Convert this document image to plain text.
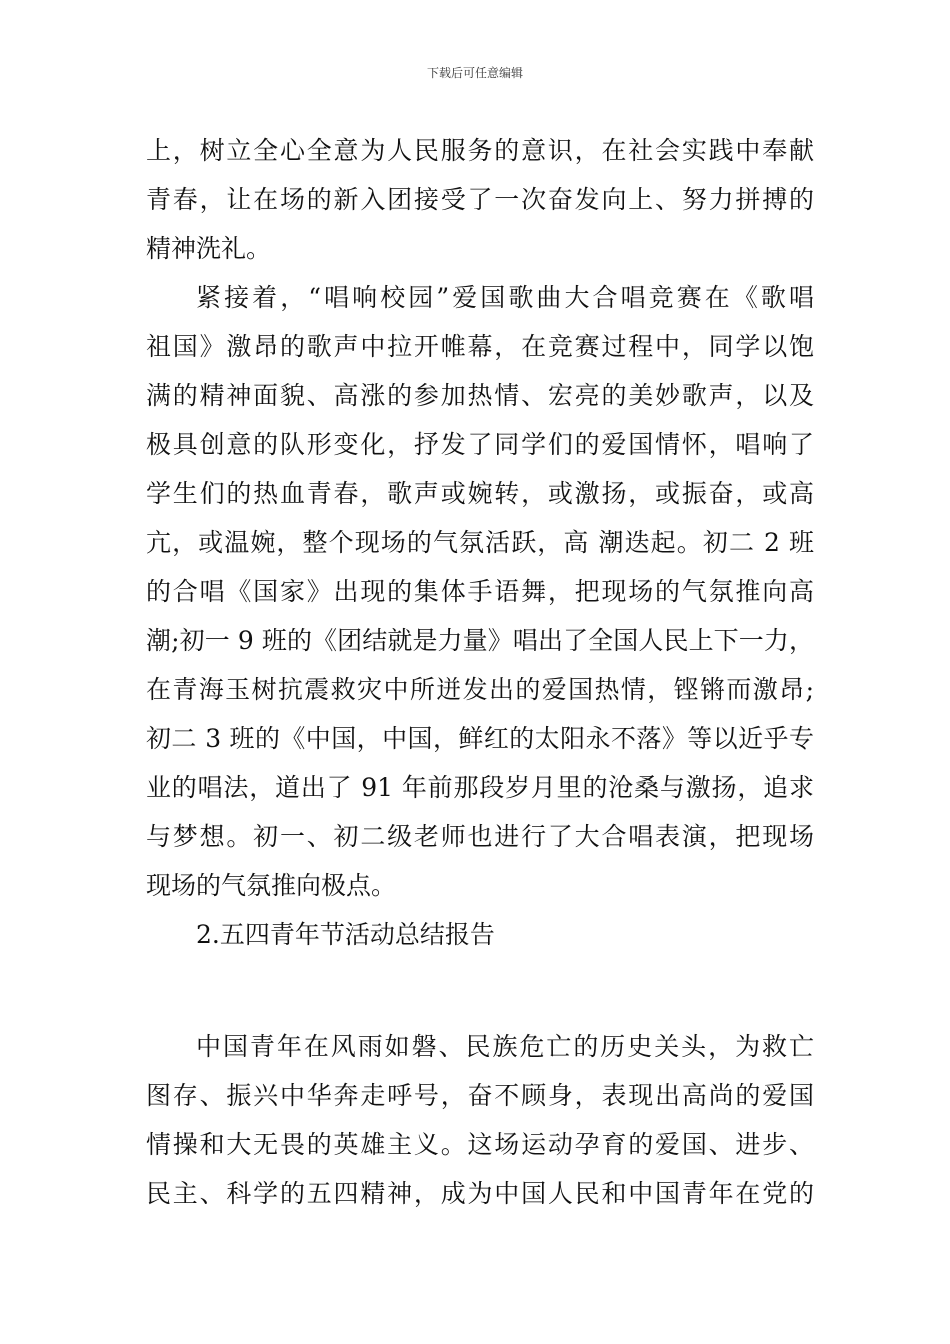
下载后可任意编辑
上，树立全心全意为人民服务的意识，在社会实践中奉献
青春，让在场的新入团接受了一次奋发向上、努力拼搏的
精神洗礼。
紧接着，“唱响校园”爱国歌曲大合唱竞赛在《歌唱
祖国》激昂的歌声中拉开帷幕，在竞赛过程中，同学以饱
满的精神面貌、高涨的参加热情、宏亮的美妙歌声，以及
极具创意的队形变化，抒发了同学们的爱国情怀，唱响了
学生们的热血青春，歌声或婉转，或激扬，或振奋，或高
亢，或温婉，整个现场的气氛活跃，高 潮迭起。初二 2 班
的合唱《国家》出现的集体手语舞，把现场的气氛推向高
潮;初一 9 班的《团结就是力量》唱出了全国人民上下一力，
在青海玉树抗震救灾中所迸发出的爱国热情，铿锵而激昂;
初二 3 班的《中国，中国，鲜红的太阳永不落》等以近乎专
业的唱法，道出了 91 年前那段岁月里的沧桑与激扬，追求
与梦想。初一、初二级老师也进行了大合唱表演，把现场
现场的气氛推向极点。
2.五四青年节活动总结报告
中国青年在风雨如磐、民族危亡的历史关头，为救亡
图存、振兴中华奔走呼号，奋不顾身，表现出高尚的爱国
情操和大无畏的英雄主义。这场运动孕育的爱国、进步、
民主、科学的五四精神，成为中国人民和中国青年在党的
